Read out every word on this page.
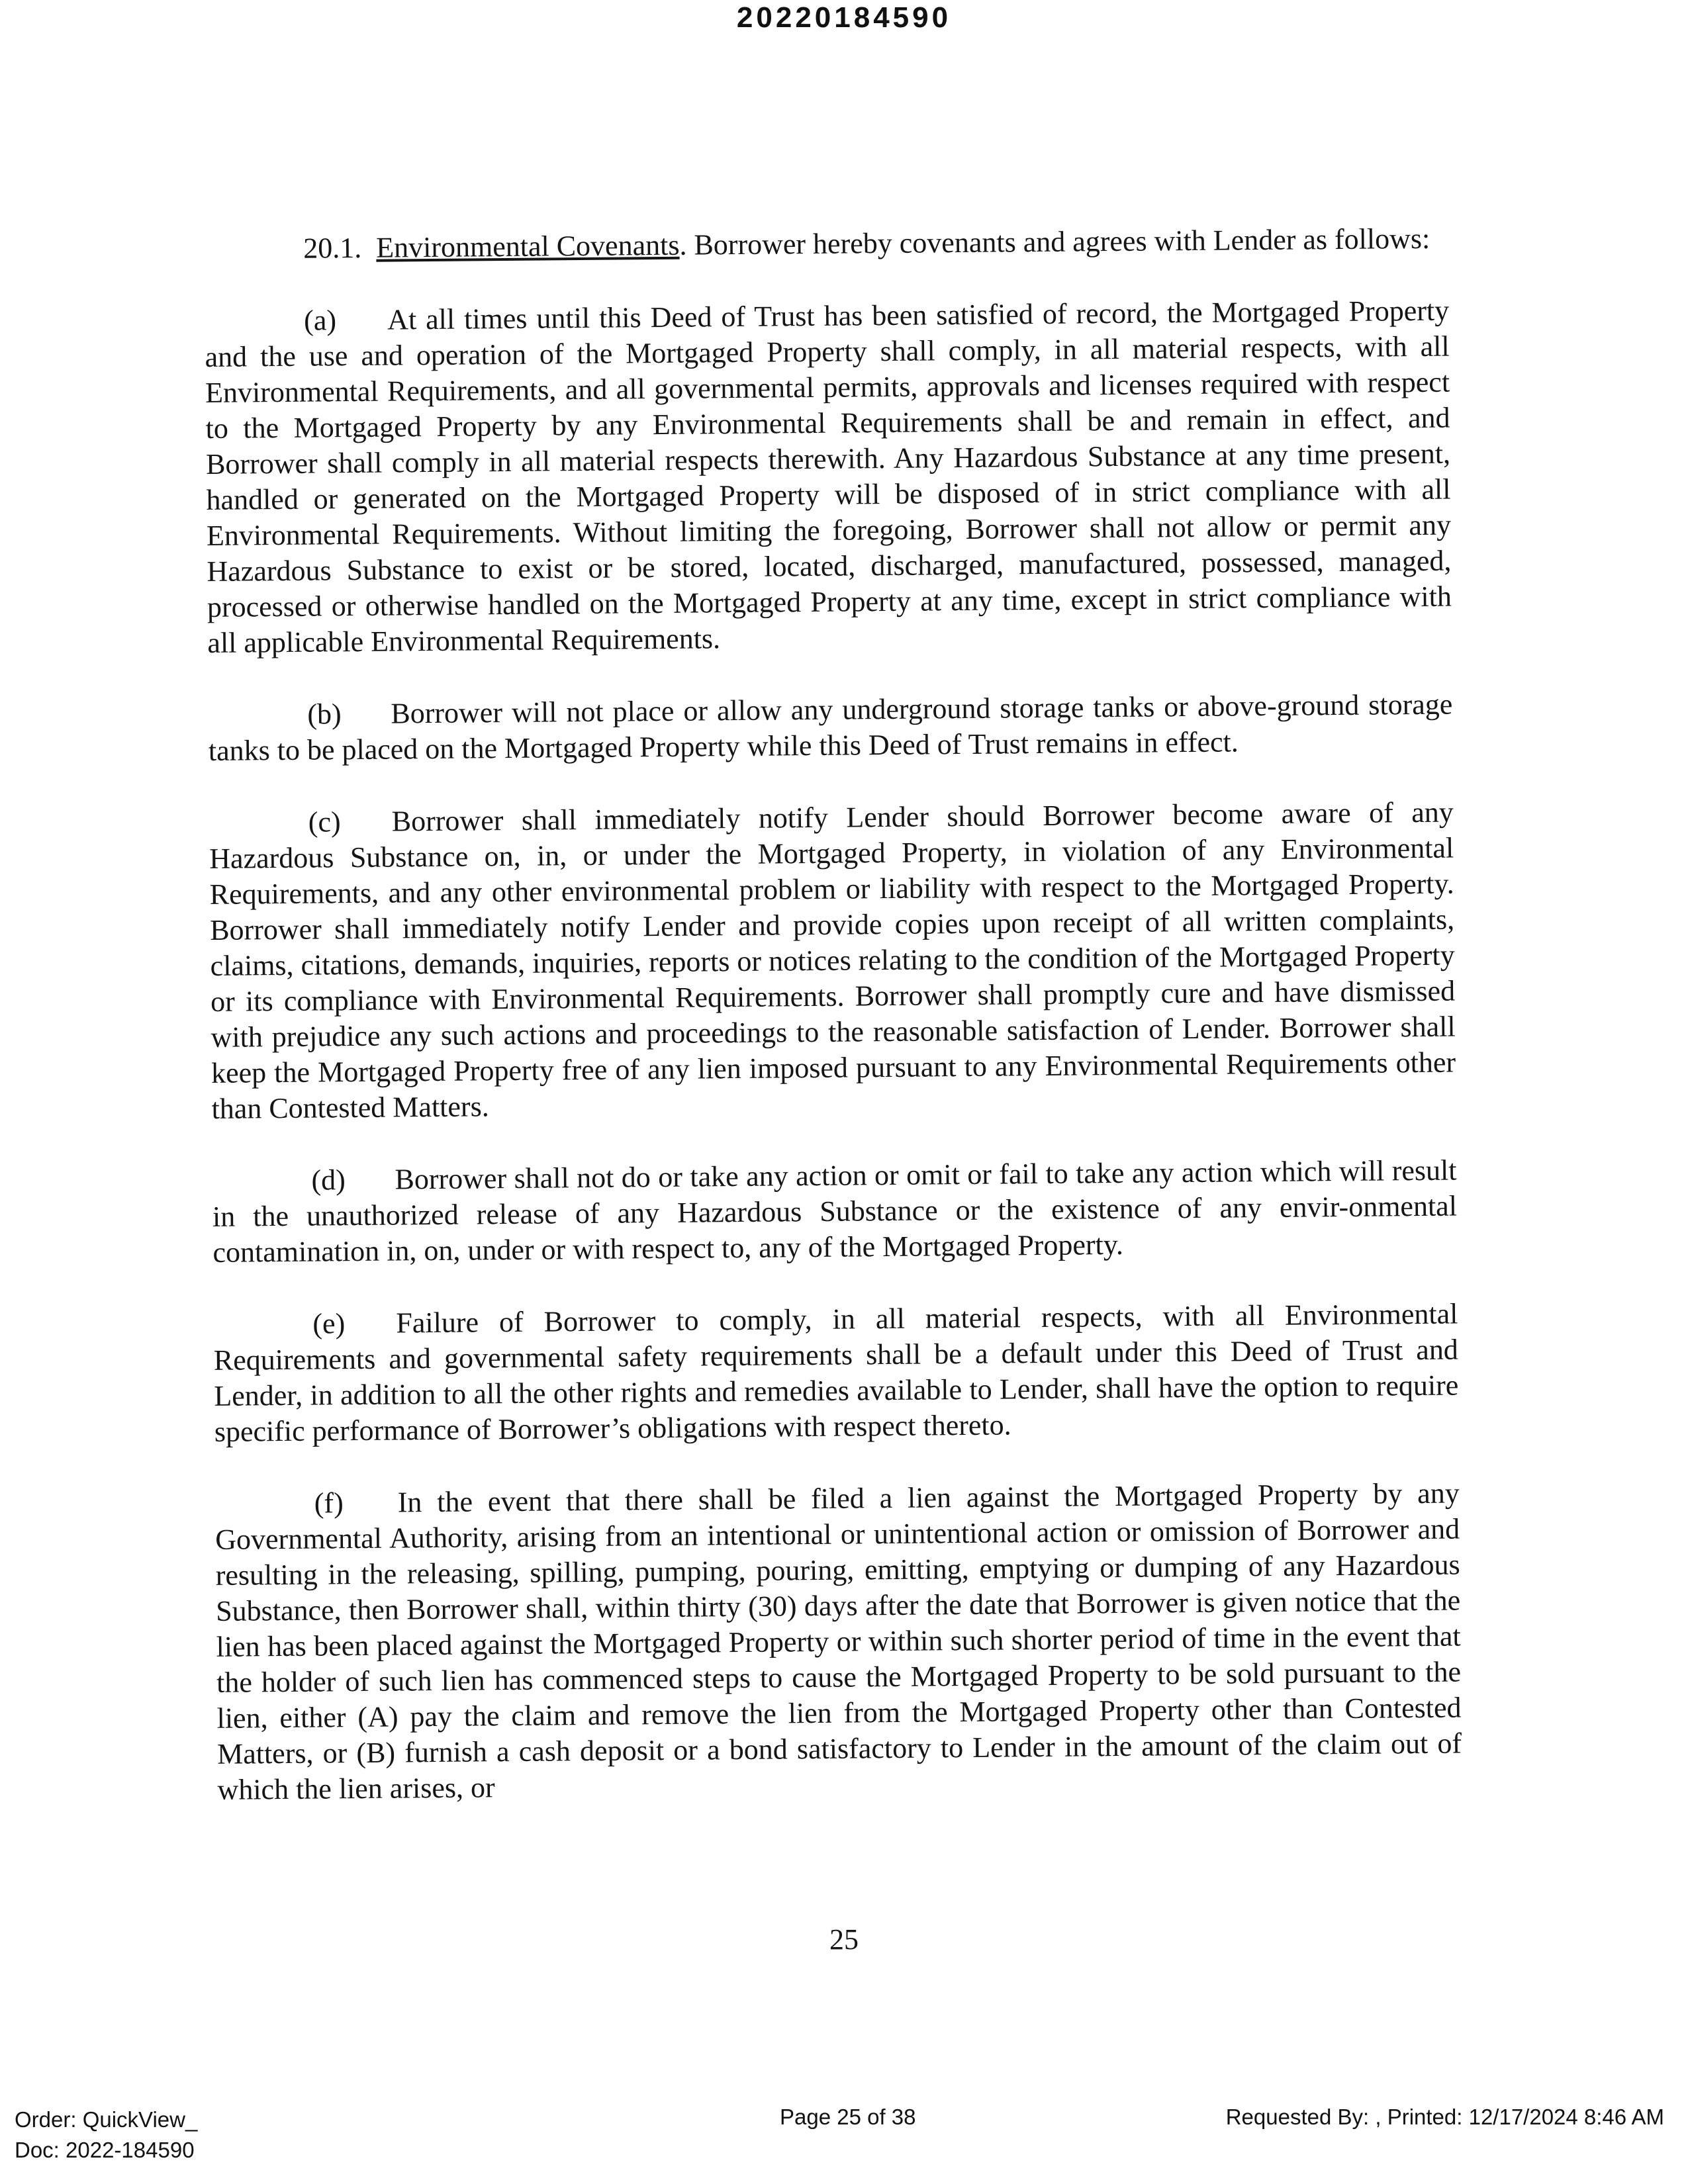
20220184590

20.1. Environmental Covenants. Borrower hereby covenants and agrees with Lender as follows:

(a) At all times until this Deed of Trust has been satisfied of record, the Mortgaged Property and the use and operation of the Mortgaged Property shall comply, in all material respects, with all Environmental Requirements, and all governmental permits, approvals and licenses required with respect to the Mortgaged Property by any Environmental Requirements shall be and remain in effect, and Borrower shall comply in all material respects therewith. Any Hazardous Substance at any time present, handled or generated on the Mortgaged Property will be disposed of in strict compliance with all Environmental Requirements. Without limiting the foregoing, Borrower shall not allow or permit any Hazardous Substance to exist or be stored, located, discharged, manufactured, possessed, managed, processed or otherwise handled on the Mortgaged Property at any time, except in strict compliance with all applicable Environmental Requirements.

(b) Borrower will not place or allow any underground storage tanks or above-ground storage tanks to be placed on the Mortgaged Property while this Deed of Trust remains in effect.

(c) Borrower shall immediately notify Lender should Borrower become aware of any Hazardous Substance on, in, or under the Mortgaged Property, in violation of any Environmental Requirements, and any other environmental problem or liability with respect to the Mortgaged Property. Borrower shall immediately notify Lender and provide copies upon receipt of all written complaints, claims, citations, demands, inquiries, reports or notices relating to the condition of the Mortgaged Property or its compliance with Environmental Requirements. Borrower shall promptly cure and have dismissed with prejudice any such actions and proceedings to the reasonable satisfaction of Lender. Borrower shall keep the Mortgaged Property free of any lien imposed pursuant to any Environmental Requirements other than Contested Matters.

(d) Borrower shall not do or take any action or omit or fail to take any action which will result in the unauthorized release of any Hazardous Substance or the existence of any envir-onmental contamination in, on, under or with respect to, any of the Mortgaged Property.

(e) Failure of Borrower to comply, in all material respects, with all Environmental Requirements and governmental safety requirements shall be a default under this Deed of Trust and Lender, in addition to all the other rights and remedies available to Lender, shall have the option to require specific performance of Borrower’s obligations with respect thereto.

(f) In the event that there shall be filed a lien against the Mortgaged Property by any Governmental Authority, arising from an intentional or unintentional action or omission of Borrower and resulting in the releasing, spilling, pumping, pouring, emitting, emptying or dumping of any Hazardous Substance, then Borrower shall, within thirty (30) days after the date that Borrower is given notice that the lien has been placed against the Mortgaged Property or within such shorter period of time in the event that the holder of such lien has commenced steps to cause the Mortgaged Property to be sold pursuant to the lien, either (A) pay the claim and remove the lien from the Mortgaged Property other than Contested Matters, or (B) furnish a cash deposit or a bond satisfactory to Lender in the amount of the claim out of which the lien arises, or

25
Order: QuickView_
Doc: 2022-184590
Page 25 of 38	Requested By: , Printed: 12/17/2024 8:46 AM
